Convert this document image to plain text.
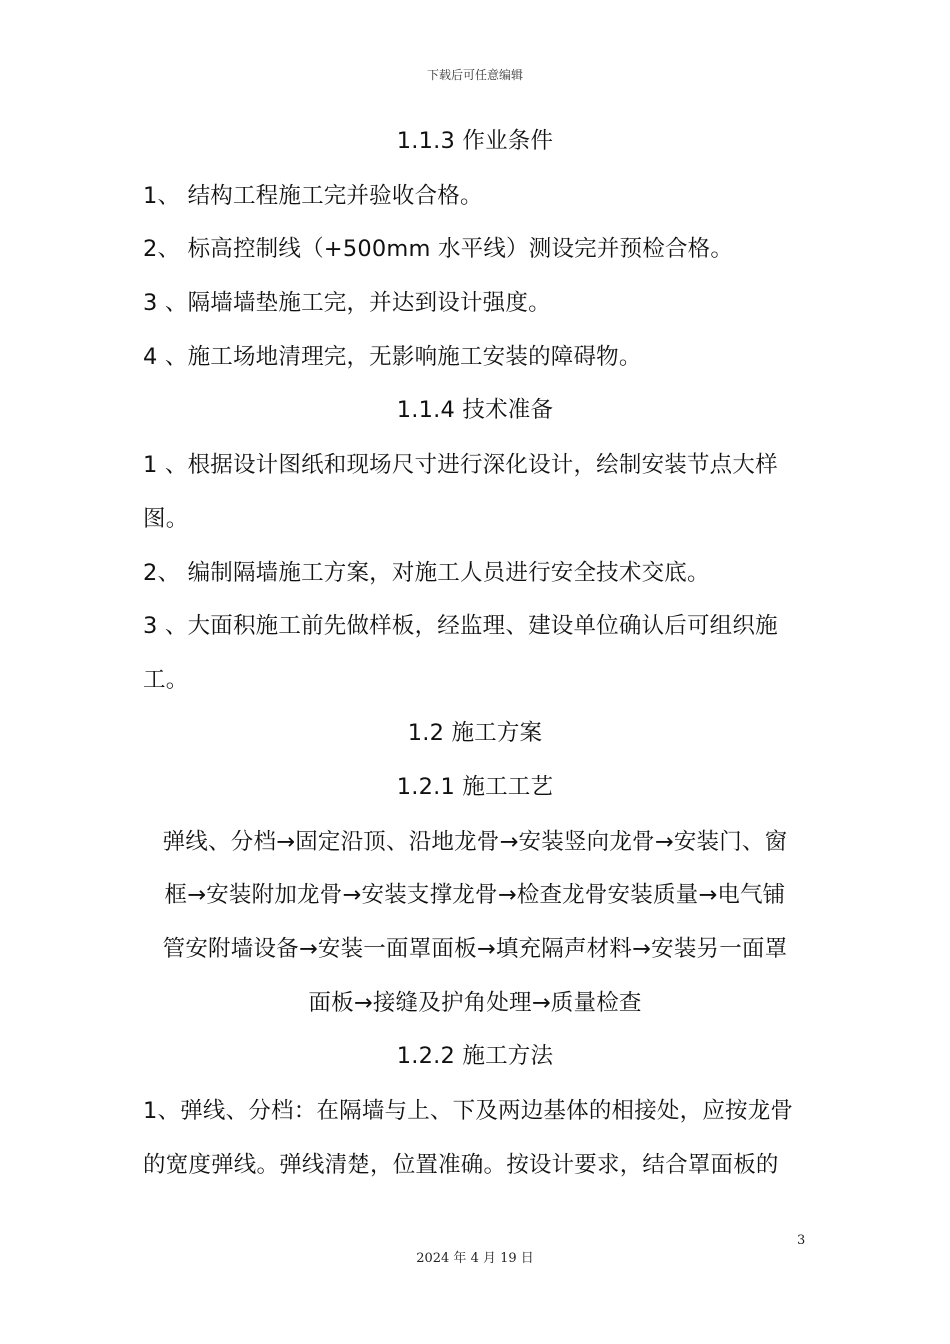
下载后可任意编辑
1.1.3 作业条件
1、 结构工程施工完并验收合格。
2、 标高控制线（+500mm 水平线）测设完并预检合格。
3 、隔墙墙垫施工完，并达到设计强度。
4 、施工场地清理完，无影响施工安装的障碍物。
1.1.4 技术准备
1 、根据设计图纸和现场尺寸进行深化设计，绘制安装节点大样
图。
2、 编制隔墙施工方案，对施工人员进行安全技术交底。
3 、大面积施工前先做样板，经监理、建设单位确认后可组织施
工。
1.2 施工方案
1.2.1 施工工艺
弹线、分档→固定沿顶、沿地龙骨→安装竖向龙骨→安装门、窗
框→安装附加龙骨→安装支撑龙骨→检查龙骨安装质量→电气铺
管安附墙设备→安装一面罩面板→填充隔声材料→安装另一面罩
面板→接缝及护角处理→质量检查
1.2.2 施工方法
1、弹线、分档：在隔墙与上、下及两边基体的相接处，应按龙骨
的宽度弹线。弹线清楚，位置准确。按设计要求，结合罩面板的
3
2024 年 4 月 19 日
